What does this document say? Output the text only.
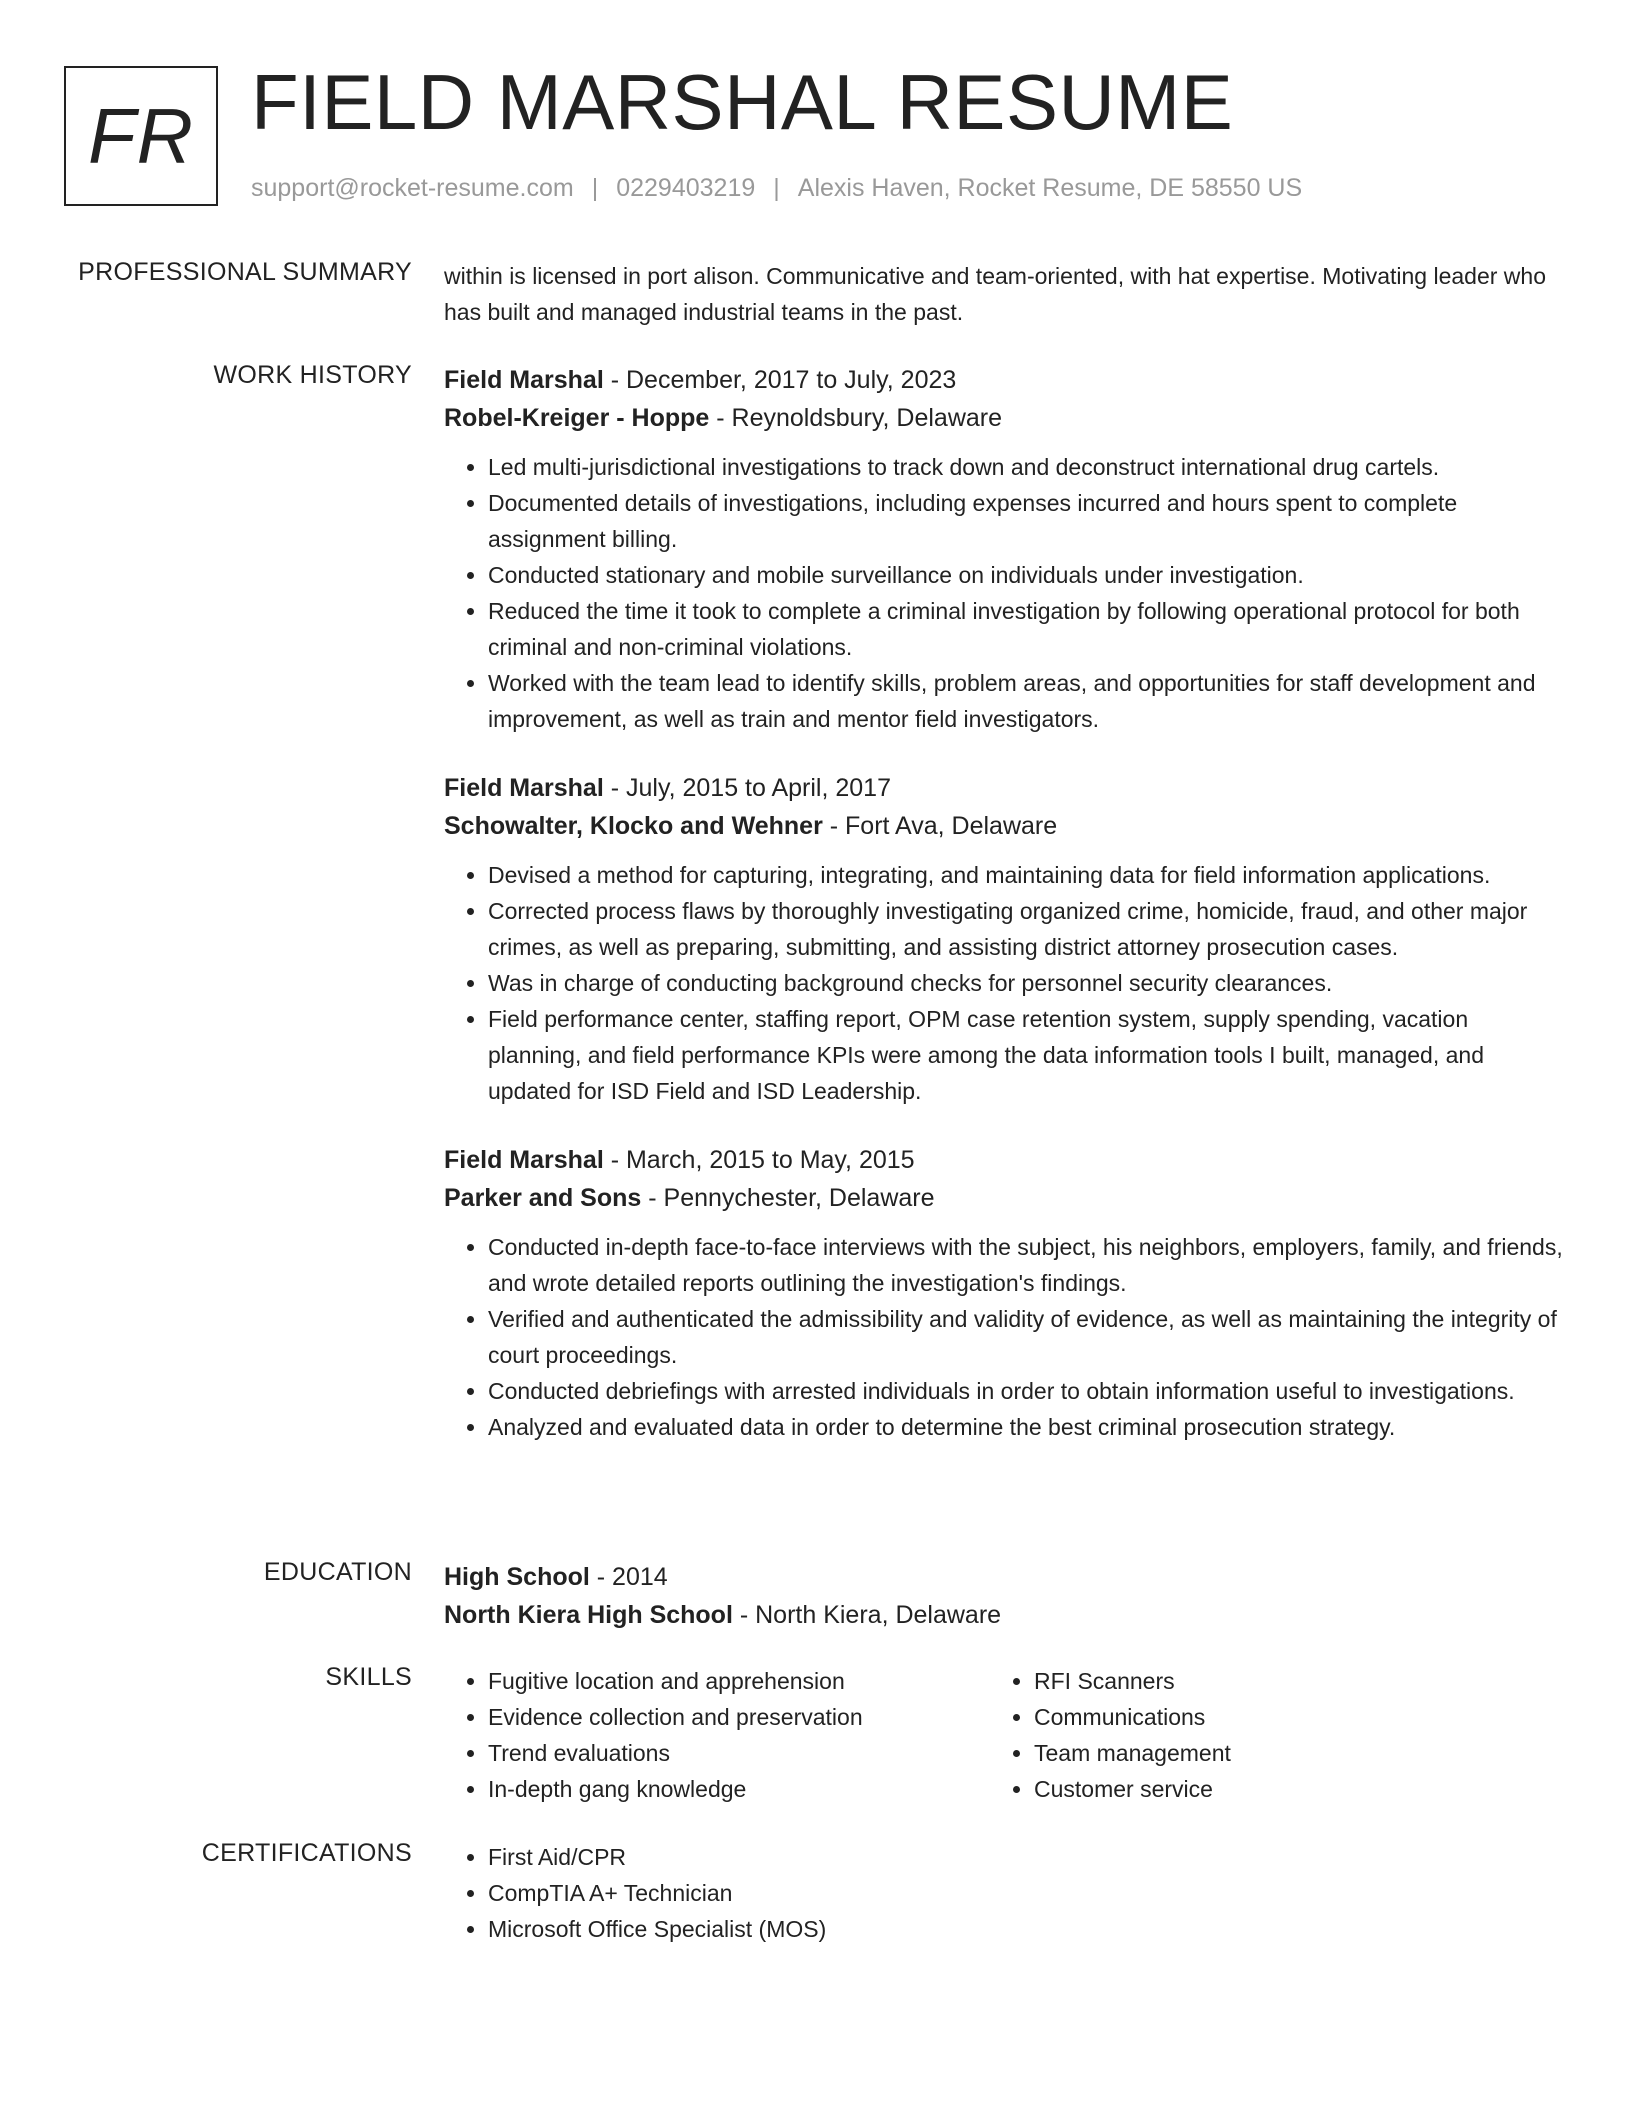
FR FIELD MARSHAL RESUME
support@rocket-resume.com | 0229403219 | Alexis Haven, Rocket Resume, DE 58550 US
PROFESSIONAL SUMMARY within is licensed in port alison. Communicative and team-oriented, with hat expertise. Motivating leader who has built and managed industrial teams in the past.

WORK HISTORY Field Marshal - December, 2017 to July, 2023
Robel-Kreiger - Hoppe - Reynoldsbury, Delaware
• Led multi-jurisdictional investigations to track down and deconstruct international drug cartels.
• Documented details of investigations, including expenses incurred and hours spent to complete assignment billing.
• Conducted stationary and mobile surveillance on individuals under investigation.
• Reduced the time it took to complete a criminal investigation by following operational protocol for both criminal and non-criminal violations.
• Worked with the team lead to identify skills, problem areas, and opportunities for staff development and improvement, as well as train and mentor field investigators.
Field Marshal - July, 2015 to April, 2017
Schowalter, Klocko and Wehner - Fort Ava, Delaware
• Devised a method for capturing, integrating, and maintaining data for field information applications.
• Corrected process flaws by thoroughly investigating organized crime, homicide, fraud, and other major crimes, as well as preparing, submitting, and assisting district attorney prosecution cases.
• Was in charge of conducting background checks for personnel security clearances.
• Field performance center, staffing report, OPM case retention system, supply spending, vacation planning, and field performance KPIs were among the data information tools I built, managed, and updated for ISD Field and ISD Leadership.
Field Marshal - March, 2015 to May, 2015
Parker and Sons - Pennychester, Delaware
• Conducted in-depth face-to-face interviews with the subject, his neighbors, employers, family, and friends, and wrote detailed reports outlining the investigation's findings.
• Verified and authenticated the admissibility and validity of evidence, as well as maintaining the integrity of court proceedings.
• Conducted debriefings with arrested individuals in order to obtain information useful to investigations.
• Analyzed and evaluated data in order to determine the best criminal prosecution strategy.
EDUCATION High School - 2014
North Kiera High School - North Kiera, Delaware
SKILLS	• Fugitive location and apprehension
• Evidence collection and preservation
• Trend evaluations
• In-depth gang knowledge
• RFI Scanners
• Communications
• Team management
• Customer service
CERTIFICATIONS	• First Aid/CPR
• CompTIA A+ Technician
• Microsoft Office Specialist (MOS)
